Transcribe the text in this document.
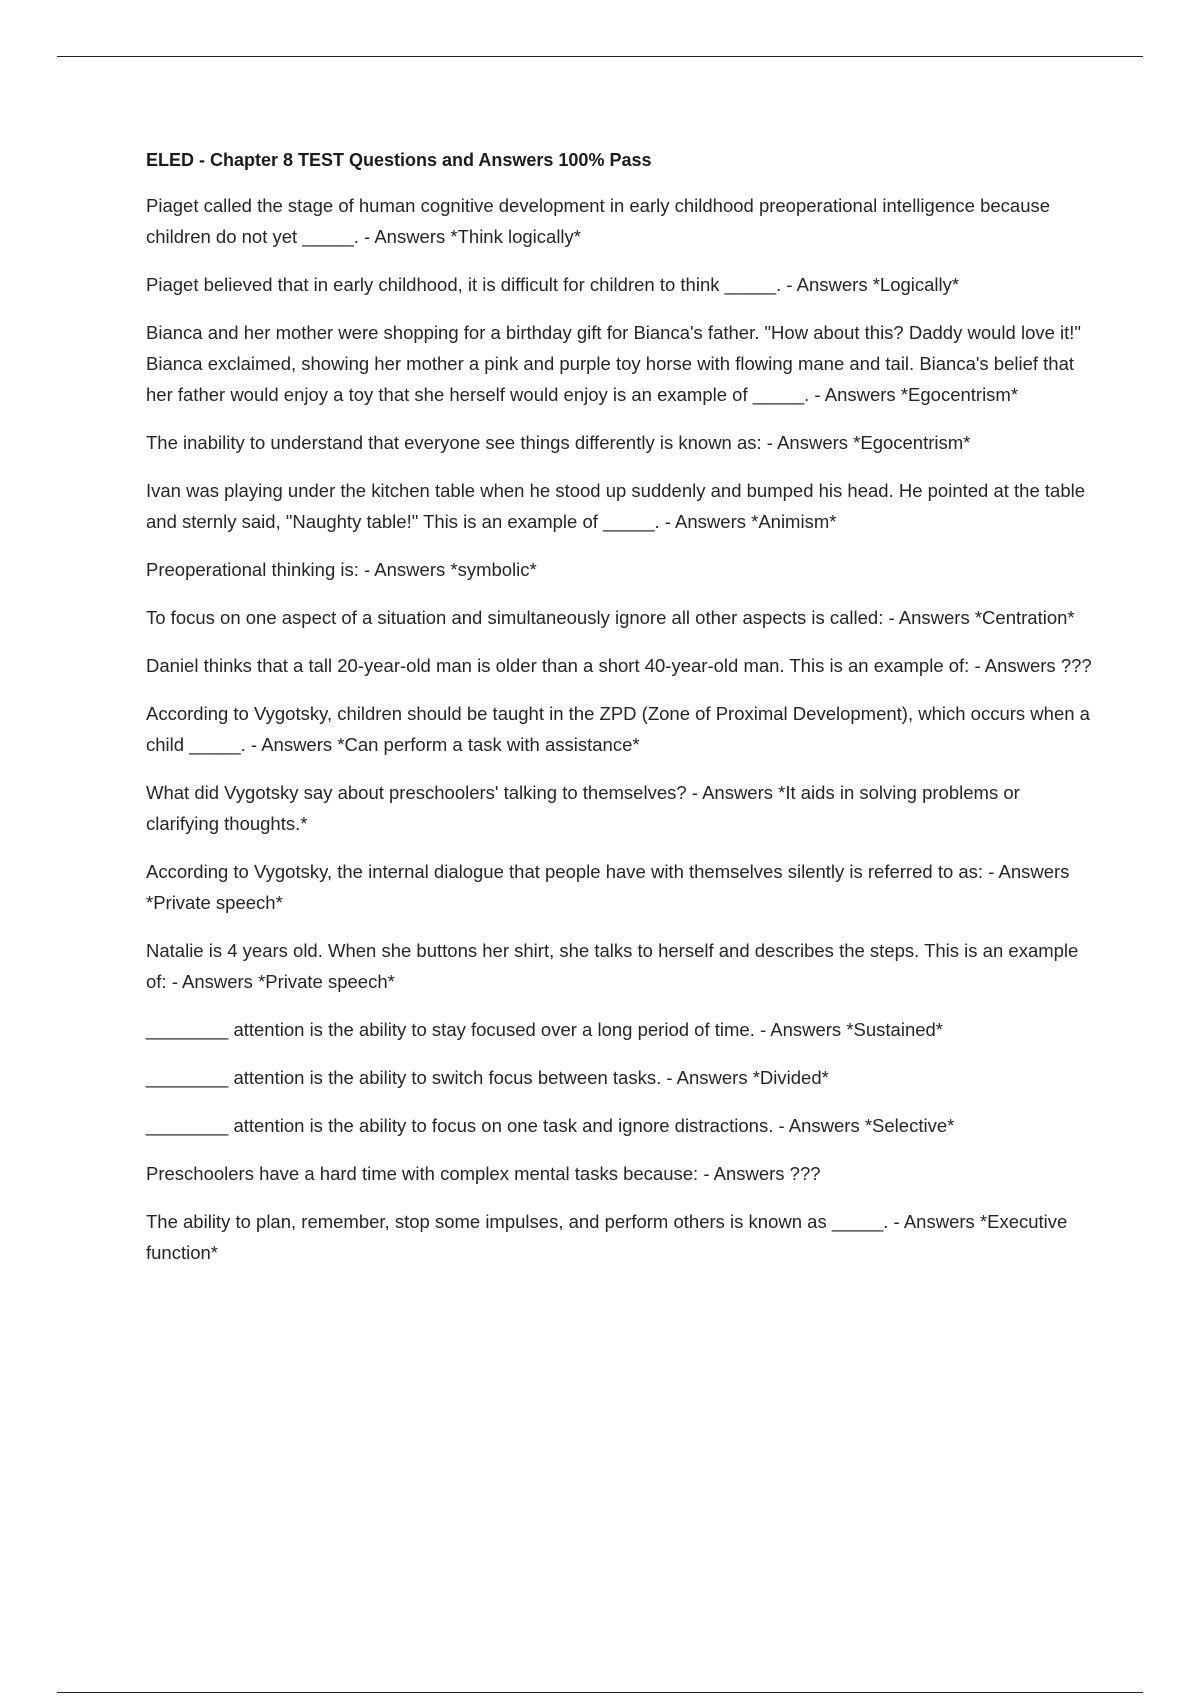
ELED - Chapter 8 TEST Questions and Answers 100% Pass

Piaget called the stage of human cognitive development in early childhood preoperational intelligence because children do not yet _____. - Answers *Think logically*

Piaget believed that in early childhood, it is difficult for children to think _____. - Answers *Logically*

Bianca and her mother were shopping for a birthday gift for Bianca's father. "How about this? Daddy would love it!" Bianca exclaimed, showing her mother a pink and purple toy horse with flowing mane and tail. Bianca's belief that her father would enjoy a toy that she herself would enjoy is an example of _____. - Answers *Egocentrism*

The inability to understand that everyone see things differently is known as: - Answers *Egocentrism*

Ivan was playing under the kitchen table when he stood up suddenly and bumped his head. He pointed at the table and sternly said, "Naughty table!" This is an example of _____. - Answers *Animism*

Preoperational thinking is: - Answers *symbolic*

To focus on one aspect of a situation and simultaneously ignore all other aspects is called: - Answers *Centration*

Daniel thinks that a tall 20-year-old man is older than a short 40-year-old man. This is an example of: - Answers ???

According to Vygotsky, children should be taught in the ZPD (Zone of Proximal Development), which occurs when a child _____. - Answers *Can perform a task with assistance*

What did Vygotsky say about preschoolers' talking to themselves? - Answers *It aids in solving problems or clarifying thoughts.*

According to Vygotsky, the internal dialogue that people have with themselves silently is referred to as: - Answers *Private speech*

Natalie is 4 years old. When she buttons her shirt, she talks to herself and describes the steps. This is an example of: - Answers *Private speech*

________ attention is the ability to stay focused over a long period of time. - Answers *Sustained*

________ attention is the ability to switch focus between tasks. - Answers *Divided*

________ attention is the ability to focus on one task and ignore distractions. - Answers *Selective*

Preschoolers have a hard time with complex mental tasks because: - Answers ???

The ability to plan, remember, stop some impulses, and perform others is known as _____. - Answers *Executive function*
